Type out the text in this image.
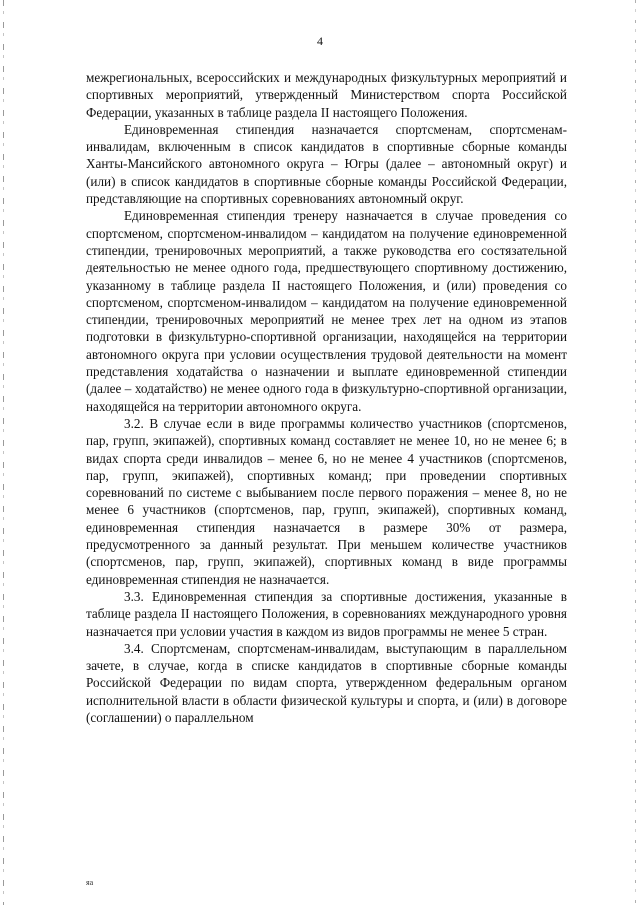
4

межрегиональных, всероссийских и международных физкультурных мероприятий и спортивных мероприятий, утвержденный Министерством спорта Российской Федерации, указанных в таблице раздела II настоящего Положения.

Единовременная стипендия назначается спортсменам, спортсменам-инвалидам, включенным в список кандидатов в спортивные сборные команды Ханты-Мансийского автономного округа – Югры (далее – автономный округ) и (или) в список кандидатов в спортивные сборные команды Российской Федерации, представляющие на спортивных соревнованиях автономный округ.

Единовременная стипендия тренеру назначается в случае проведения со спортсменом, спортсменом-инвалидом – кандидатом на получение единовременной стипендии, тренировочных мероприятий, а также руководства его состязательной деятельностью не менее одного года, предшествующего спортивному достижению, указанному в таблице раздела II настоящего Положения, и (или) проведения со спортсменом, спортсменом-инвалидом – кандидатом на получение единовременной стипендии, тренировочных мероприятий не менее трех лет на одном из этапов подготовки в физкультурно-спортивной организации, находящейся на территории автономного округа при условии осуществления трудовой деятельности на момент представления ходатайства о назначении и выплате единовременной стипендии (далее – ходатайство) не менее одного года в физкультурно-спортивной организации, находящейся на территории автономного округа.

3.2. В случае если в виде программы количество участников (спортсменов, пар, групп, экипажей), спортивных команд составляет не менее 10, но не менее 6; в видах спорта среди инвалидов – менее 6, но не менее 4 участников (спортсменов, пар, групп, экипажей), спортивных команд; при проведении спортивных соревнований по системе с выбыванием после первого поражения – менее 8, но не менее 6 участников (спортсменов, пар, групп, экипажей), спортивных команд, единовременная стипендия назначается в размере 30% от размера, предусмотренного за данный результат. При меньшем количестве участников (спортсменов, пар, групп, экипажей), спортивных команд в виде программы единовременная стипендия не назначается.

3.3. Единовременная стипендия за спортивные достижения, указанные в таблице раздела II настоящего Положения, в соревнованиях международного уровня назначается при условии участия в каждом из видов программы не менее 5 стран.

3.4. Спортсменам, спортсменам-инвалидам, выступающим в параллельном зачете, в случае, когда в списке кандидатов в спортивные сборные команды Российской Федерации по видам спорта, утвержденном федеральным органом исполнительной власти в области физической культуры и спорта, и (или) в договоре (соглашении) о параллельном

яа
